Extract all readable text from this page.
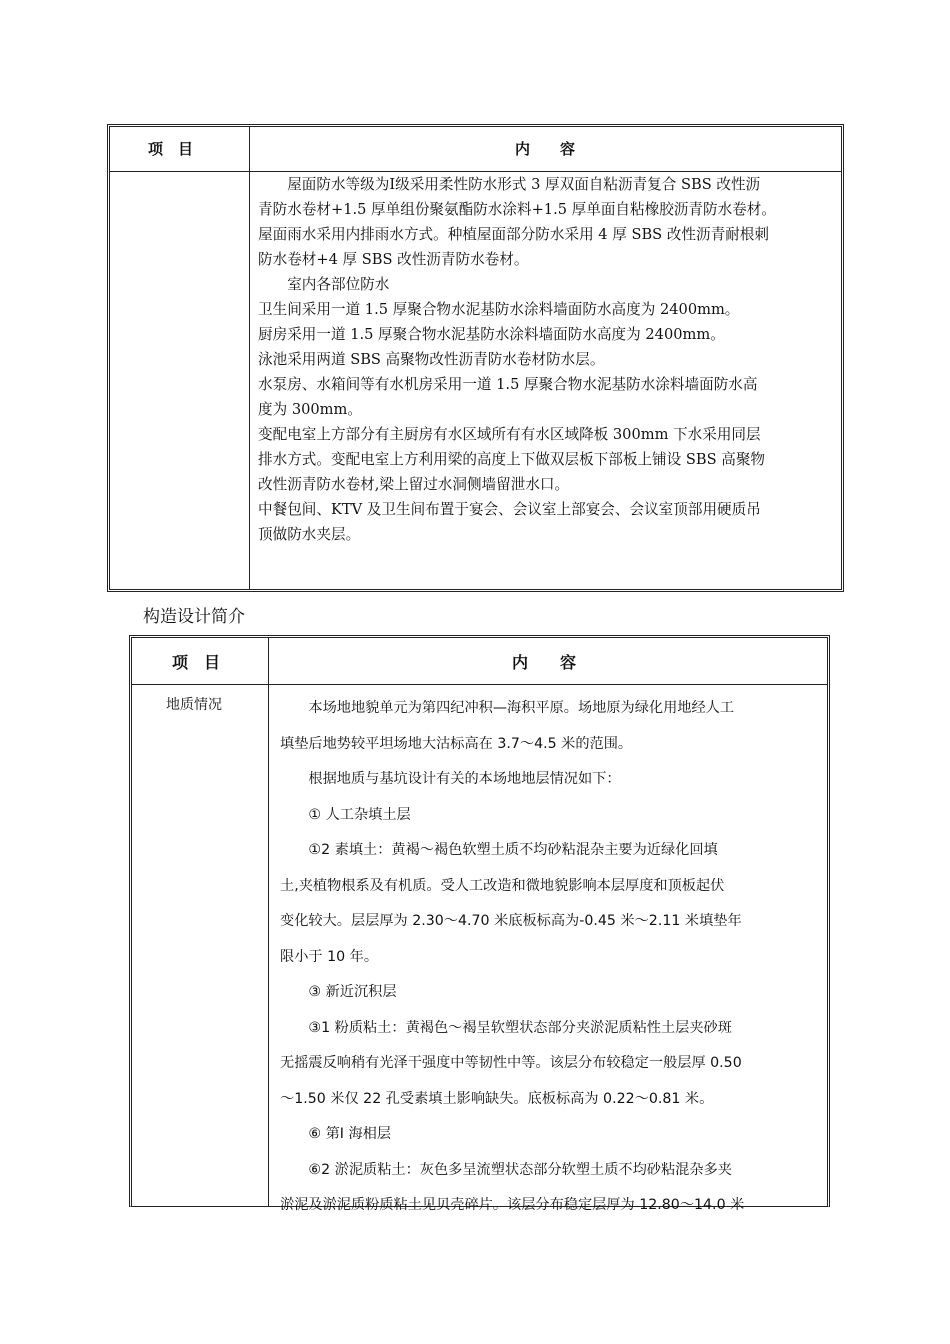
项　目	内　　容
　　屋面防水等级为Ⅰ级采用柔性防水形式 3 厚双面自粘沥青复合 SBS 改性沥
青防水卷材+1.5 厚单组份聚氨酯防水涂料+1.5 厚单面自粘橡胶沥青防水卷材。
屋面雨水采用内排雨水方式。种植屋面部分防水采用 4 厚 SBS 改性沥青耐根刺
防水卷材+4 厚 SBS 改性沥青防水卷材。
　　室内各部位防水
卫生间采用一道 1.5 厚聚合物水泥基防水涂料墙面防水高度为 2400mm。
厨房采用一道 1.5 厚聚合物水泥基防水涂料墙面防水高度为 2400mm。
泳池采用两道 SBS 高聚物改性沥青防水卷材防水层。
水泵房、水箱间等有水机房采用一道 1.5 厚聚合物水泥基防水涂料墙面防水高
度为 300mm。
变配电室上方部分有主厨房有水区域所有有水区域降板 300mm 下水采用同层
排水方式。变配电室上方利用梁的高度上下做双层板下部板上铺设 SBS 高聚物
改性沥青防水卷材,梁上留过水洞侧墙留泄水口。
中餐包间、KTV 及卫生间布置于宴会、会议室上部宴会、会议室顶部用硬质吊
顶做防水夹层。
构造设计简介
项　目	内　　容
地质情况	　　本场地地貌单元为第四纪冲积—海积平原。场地原为绿化用地经人工
填垫后地势较平坦场地大沽标高在 3.7～4.5 米的范围。
　　根据地质与基坑设计有关的本场地地层情况如下：
　　① 人工杂填土层
　　①2 素填土：黄褐～褐色软塑土质不均砂粘混杂主要为近绿化回填
土,夹植物根系及有机质。受人工改造和微地貌影响本层厚度和顶板起伏
变化较大。层层厚为 2.30～4.70 米底板标高为-0.45 米～2.11 米填垫年
限小于 10 年。
　　③ 新近沉积层
　　③1 粉质粘土：黄褐色～褐呈软塑状态部分夹淤泥质粘性土层夹砂斑
无摇震反响稍有光泽干强度中等韧性中等。该层分布较稳定一般层厚 0.50
～1.50 米仅 22 孔受素填土影响缺失。底板标高为 0.22～0.81 米。
　　⑥ 第Ⅰ 海相层
　　⑥2 淤泥质粘土：灰色多呈流塑状态部分软塑土质不均砂粘混杂多夹
淤泥及淤泥质粉质粘土见贝壳碎片。该层分布稳定层厚为 12.80～14.0 米
